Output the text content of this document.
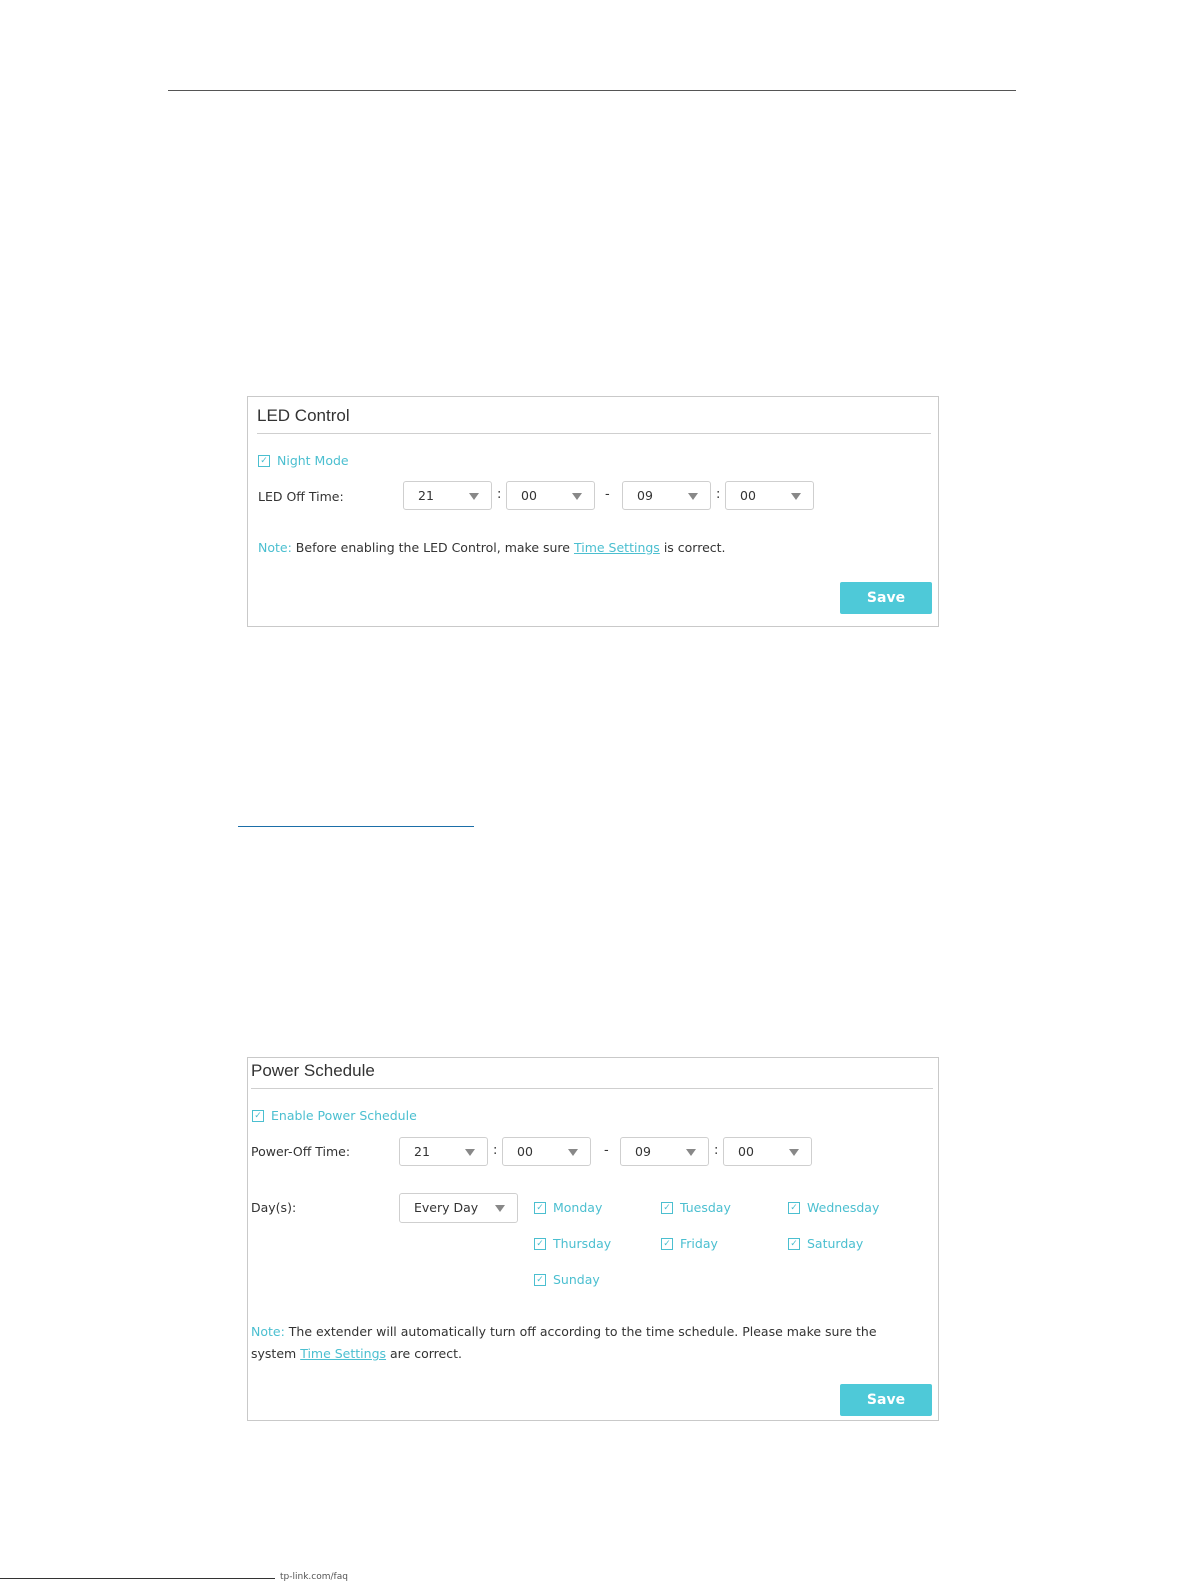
LED Control
✓ Night Mode
LED Off Time:	21	: 00	- 09	: 00
Note: Before enabling the LED Control, make sure Time Settings is correct.
Save
Power Schedule
✓ Enable Power Schedule
Power-Off Time:	21	: 00	- 09	: 00
Day(s):	Every Day	✓ Monday	✓ Tuesday	✓ Wednesday
✓ Thursday	✓ Friday	✓ Saturday
✓ Sunday
Note: The extender will automatically turn off according to the time schedule. Please make sure the system Time Settings are correct.
Save
tp-link.com/faq
